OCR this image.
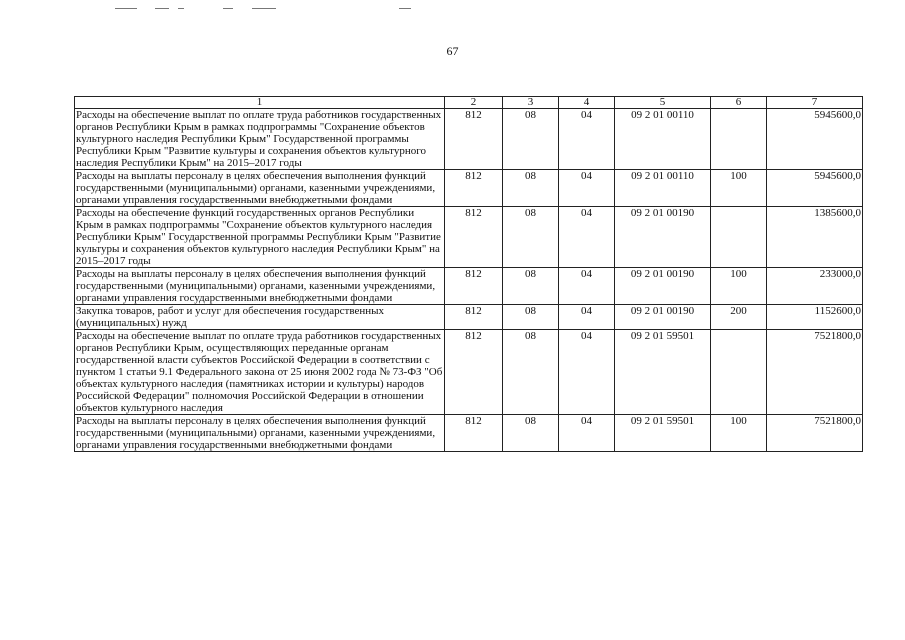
67
1	2	3	4	5	6	7
Расходы на обеспечение выплат по оплате труда работников государственных органов Республики Крым в рамках подпрограммы "Сохранение объектов культурного наследия Республики Крым" Государственной программы Республики Крым "Развитие культуры и сохранения объектов культурного наследия Республики Крым" на 2015–2017 годы	812	08	04	09 2 01 00110		5945600,0
Расходы на выплаты персоналу в целях обеспечения выполнения функций государственными (муниципальными) органами, казенными учреждениями, органами управления государственными внебюджетными фондами	812	08	04	09 2 01 00110	100	5945600,0
Расходы на обеспечение функций государственных органов Республики Крым в рамках подпрограммы "Сохранение объектов культурного наследия Республики Крым" Государственной программы Республики Крым "Развитие культуры и сохранения объектов культурного наследия Республики Крым" на 2015–2017 годы	812	08	04	09 2 01 00190		1385600,0
Расходы на выплаты персоналу в целях обеспечения выполнения функций государственными (муниципальными) органами, казенными учреждениями, органами управления государственными внебюджетными фондами	812	08	04	09 2 01 00190	100	233000,0
Закупка товаров, работ и услуг для обеспечения государственных (муниципальных) нужд	812	08	04	09 2 01 00190	200	1152600,0
Расходы на обеспечение выплат по оплате труда работников государственных органов Республики Крым, осуществляющих переданные органам государственной власти субъектов Российской Федерации в соответствии с пунктом 1 статьи 9.1 Федерального закона от 25 июня 2002 года № 73-ФЗ "Об объектах культурного наследия (памятниках истории и культуры) народов Российской Федерации" полномочия Российской Федерации в отношении объектов культурного наследия	812	08	04	09 2 01 59501		7521800,0
Расходы на выплаты персоналу в целях обеспечения выполнения функций государственными (муниципальными) органами, казенными учреждениями, органами управления государственными внебюджетными фондами	812	08	04	09 2 01 59501	100	7521800,0
